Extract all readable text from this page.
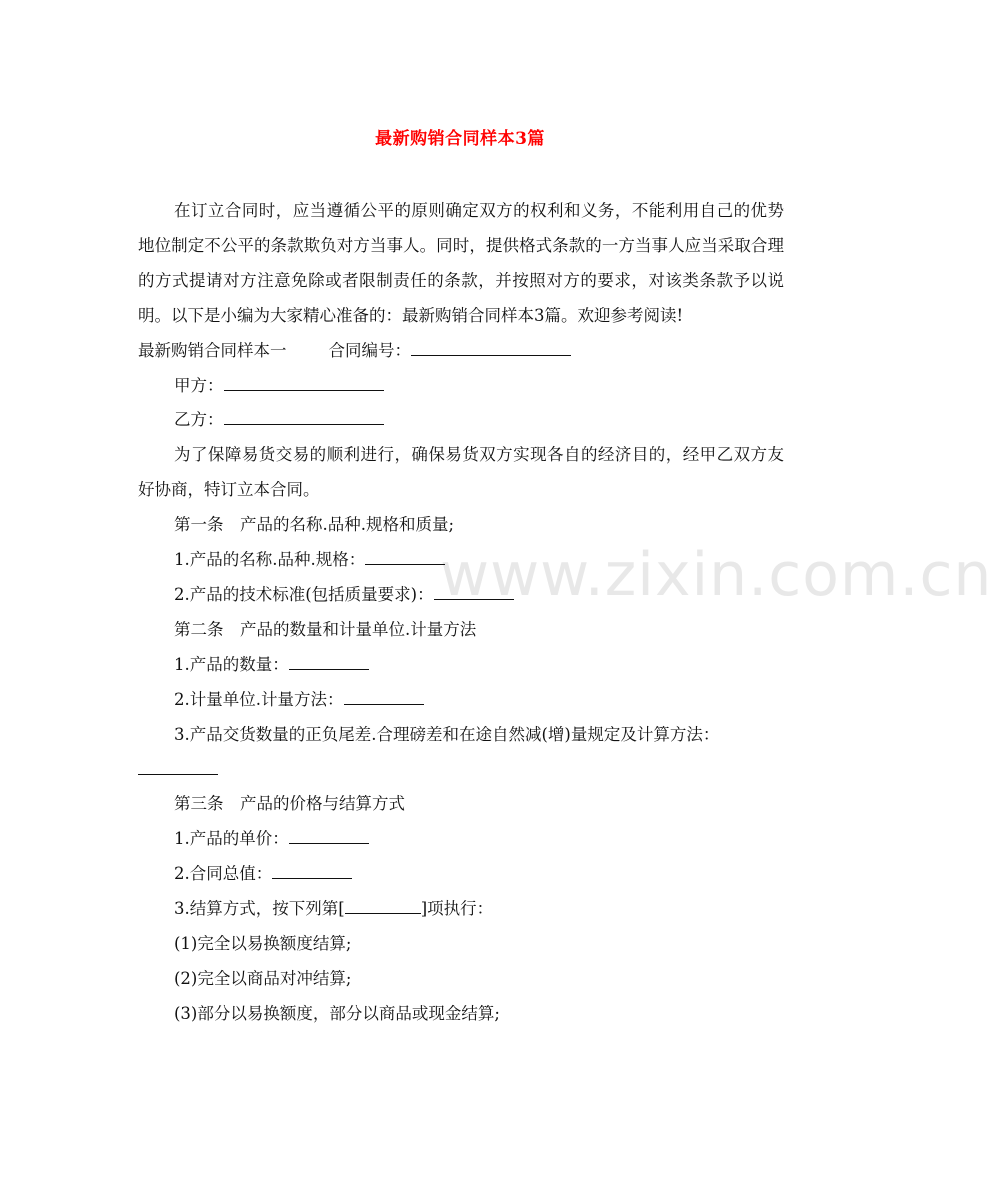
www.zixin.com.cn
最新购销合同样本3篇

在订立合同时，应当遵循公平的原则确定双方的权利和义务，不能利用自己的优势地位制定不公平的条款欺负对方当事人。同时，提供格式条款的一方当事人应当采取合理的方式提请对方注意免除或者限制责任的条款，并按照对方的要求，对该类条款予以说明。以下是小编为大家精心准备的：最新购销合同样本3篇。欢迎参考阅读!

最新购销合同样本一	合同编号：

甲方：

乙方：

为了保障易货交易的顺利进行，确保易货双方实现各自的经济目的，经甲乙双方友好协商，特订立本合同。

第一条　产品的名称.品种.规格和质量;

1.产品的名称.品种.规格：

2.产品的技术标准(包括质量要求)：

第二条　产品的数量和计量单位.计量方法

1.产品的数量：

2.计量单位.计量方法：

3.产品交货数量的正负尾差.合理磅差和在途自然减(增)量规定及计算方法：

第三条　产品的价格与结算方式

1.产品的单价：

2.合同总值：

3.结算方式，按下列第[	]项执行：

(1)完全以易换额度结算;

(2)完全以商品对冲结算;

(3)部分以易换额度，部分以商品或现金结算;
